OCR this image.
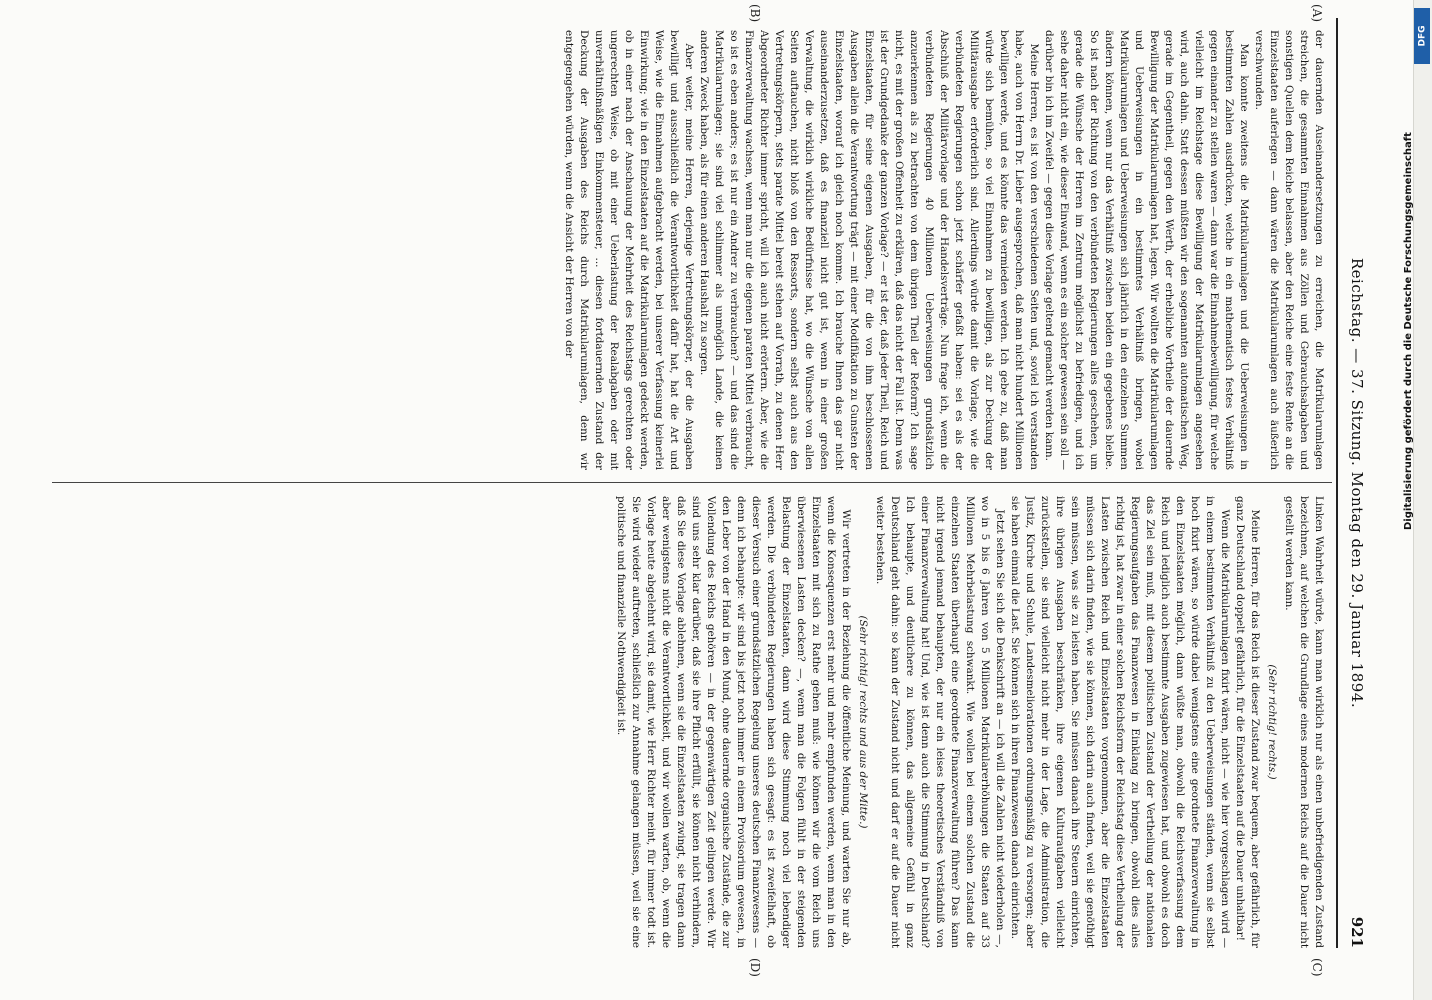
Reichstag. — 37. Sitzung. Montag den 29. Januar 1894.
921
(A)
(B)
(C)
(D)

der dauernden Auseinandersetzungen zu erreichen, die Matrikularumlagen streichen, die gesammten Einnahmen aus Zöllen und Gebrauchsabgaben und sonstigen Quellen dem Reiche belassen, aber den Reiche eine feste Rente an die Einzelstaaten auferlegen — dann wären die Matrikularumlagen auch äußerlich verschwunden.

Man konnte zweitens die Matrikularumlagen und die Ueberweisungen in bestimmten Zahlen ausdrücken, welche in ein mathematisch festes Verhältniß gegen einander zu stellen waren — dann war die Einnahmebewilligung, für welche vielleicht im Reichstage diese Bewilligung der Matrikularumlagen angesehen wird, auch dahin. Statt dessen müßten wir den sogenannten automatischen Weg, gerade im Gegentheil, gegen den Werth, der erhebliche Vortheile der dauernde Bewilligung der Matrikularumlagen hat, legen. Wir wollten die Matrikularumlagen und Ueberweisungen in ein bestimmtes Verhältniß bringen, wobei Matrikularumlagen und Ueberweisungen sich jährlich in den einzelnen Summen ändern können, wenn nur das Verhältniß zwischen beiden ein gegebenes bleibe. So ist nach der Richtung von den verbündeten Regierungen alles geschehen, um gerade die Wünsche der Herren im Zentrum möglichst zu befriedigen, und ich sehe daher nicht ein, wie dieser Einwand, wenn es ein solcher gewesen sein soll — darüber bin ich im Zweifel — gegen diese Vorlage geltend gemacht werden kann.

Meine Herren, es ist von den verschiedenen Seiten und, soviel ich verstanden habe, auch von Herrn Dr. Lieber ausgesprochen, daß man nicht hundert Millionen bewilligen werde, und es könnte das vermieden werden. Ich gebe zu, daß man würde sich bemühen, so viel Einnahmen zu bewilligen, als zur Deckung der Militärausgabe erforderlich sind. Allerdings würde damit die Vorlage, wie die verbündeten Regierungen schon jetzt schärfer gefaßt haben: sei es als der Abschluß der Militärvorlage und der Handelsverträge. Nun frage ich, wenn die verbündeten Regierungen 40 Millionen Ueberweisungen grundsätzlich anzuerkennen als zu betrachten von dem übrigen Theil der Reform? Ich sage nicht, es mit der großen Offenheit zu erklären, daß das nicht der Fall ist. Denn was ist der Grundgedanke der ganzen Vorlage? — er ist der, daß jeder Theil, Reich und Einzelstaaten, für seine eigenen Ausgaben, für die von ihm beschlossenen Ausgaben allein die Verantwortung trägt — mit einer Modifikation zu Gunsten der Einzelstaaten, worauf ich gleich noch komme. Ich brauche Ihnen das gar nicht auseinanderzusetzen, daß es finanziell nicht gut ist, wenn in einer großen Verwaltung, die wirklich wirkliche Bedürfnisse hat, wo die Wünsche von allen Seiten auftauchen, nicht bloß von den Ressorts, sondern selbst auch aus den Vertretungskörpern, stets parate Mittel bereit stehen auf Vorrath, zu denen Herr Abgeordneter Richter immer spricht, will ich auch nicht erörtern. Aber, wie die Finanzverwaltung wachsen, wenn man nur die eigenen paraten Mittel verbraucht, so ist es eben anders; es ist nur ein Andrer zu verbrauchen? — und das sind die Matrikularumlagen; sie sind viel schlimmer als unmöglich Lande, die keinen anderen Zweck haben, als für einen anderen Haushalt zu sorgen.

Aber weiter, meine Herren, derjenige Vertretungskörper, der die Ausgaben bewilligt und ausschließlich die Verantwortlichkeit dafür hat, hat die Art und Weise, wie die Einnahmen aufgebracht werden, bei unserer Verfassung keinerlei Einwirkung; wie in den Einzelstaaten auf die Matrikularumlagen gedeckt werden, ob in einer nach der Anschauung der Mehrheit des Reichstags gerechten oder ungerechten Weise, ob mit einer Ueberlastung der Realabgaben oder mit unverhältnißmäßigen Einkommensteuer, ... diesen fortdauernden Zustand der Deckung der Ausgaben des Reichs durch Matrikularumlagen, denn wir entgegengehen würden, wenn die Ansicht der Herren von der

Linken Wahrheit würde, kann man wirklich nur als einen unbefriedigenden Zustand bezeichnen, auf welchen die Grundlage eines modernen Reichs auf die Dauer nicht gestellt werden kann.

(Sehr richtig! rechts.)

Meine Herren, für das Reich ist dieser Zustand zwar bequem, aber gefährlich, für ganz Deutschland doppelt gefährlich, für die Einzelstaaten auf die Dauer unhaltbar!

Wenn die Matrikularumlagen fixirt wären, nicht — wie hier vorgeschlagen wird — in einem bestimmten Verhältniß zu den Ueberweisungen ständen, wenn sie selbst hoch fixirt wären, so würde dabei wenigstens eine geordnete Finanzverwaltung in den Einzelstaaten möglich, dann wüßte man, obwohl die Reichsverfassung dem Reich und lediglich auch bestimmte Ausgaben zugewiesen hat, und obwohl es doch das Ziel sein muß, mit diesem politischen Zustand der Vertheilung der nationalen Regierungsaufgaben das Finanzwesen in Einklang zu bringen, obwohl dies alles richtig ist, hat zwar in einer solchen Reichsform der Reichstag diese Vertheilung der Lasten zwischen Reich und Einzelstaaten vorgenommen, aber die Einzelstaaten müssen sich darin finden, wie sie können, sich darin auch finden, weil sie genöthigt sein müssen, was sie zu leisten haben. Sie müssen danach ihre Steuern einrichten, ihre übrigen Ausgaben beschränken, ihre eigenen Kulturaufgaben vielleicht zurückstellen, sie sind vielleicht nicht mehr in der Lage, die Administration, die Justiz, Kirche und Schule, Landesmeliorationen ordnungsmäßig zu versorgen; aber sie haben einmal die Last. Sie können sich in ihren Finanzwesen danach einrichten.

Jetzt sehen Sie sich die Denkschrift an — ich will die Zahlen nicht wiederholen —, wo in 5 bis 6 Jahren von 5 Millionen Matrikularerhöhungen die Staaten auf 33 Millionen Mehrbelastung schwankt. Wie wollen bei einem solchen Zustand die einzelnen Staaten überhaupt eine geordnete Finanzverwaltung führen? Das kann nicht irgend jemand behaupten, der nur ein leises theoretisches Verständniß von einer Finanzverwaltung hat! Und, wie ist denn auch die Stimmung in Deutschland? Ich behaupte, und deutlichere zu können, das allgemeine Gefühl in ganz Deutschland geht dahin: so kann der Zustand nicht und darf er auf die Dauer nicht weiter bestehen.

(Sehr richtig! rechts und aus der Mitte.)

Wir vertreten in der Beziehung die öffentliche Meinung, und warten Sie nur ab, wenn die Konsequenzen erst mehr und mehr empfunden werden, wenn man in den Einzelstaaten mit sich zu Rathe gehen muß: wie können wir die vom Reich uns überwiesenen Lasten decken? —, wenn man die Folgen fühlt in der steigenden Belastung der Einzelstaaten, dann wird diese Stimmung noch viel lebendiger werden. Die verbündeten Regierungen haben sich gesagt: es ist zweifelhaft, ob dieser Versuch einer grundsätzlichen Regelung unseres deutschen Finanzwesens — denn ich behaupte: wir sind bis jetzt noch immer in einem Provisorium gewesen, in den Leber von der Hand in den Mund, ohne dauernde organische Zustände, die zur Vollendung des Reichs gehören — in der gegenwärtigen Zeit gelingen werde. Wir sind uns sehr klar darüber, daß sie ihre Pflicht erfüllt, sie können nicht verhindern, daß Sie diese Vorlage ablehnen, wenn sie die Einzelstaaten zwingt, sie tragen dann aber wenigstens nicht die Verantwortlichkeit, und wir wollen warten, ob, wenn die Vorlage heute abgelehnt wird, sie damit, wie Herr Richter meint, für immer todt ist. Sie wird wieder auftreten, schließlich zur Annahme gelangen müssen, weil sie eine politische und finanzielle Nothwendigkeit ist.

DFG
Digitalisierung gefördert durch die Deutsche Forschungsgemeinschaft
